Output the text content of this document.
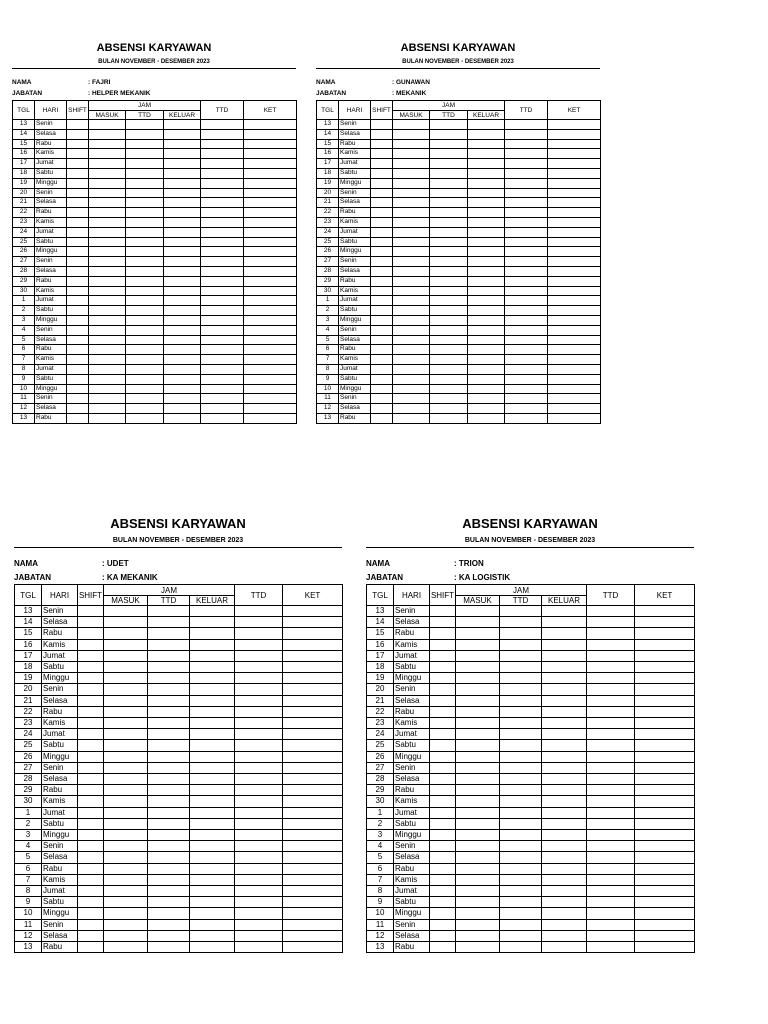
ABSENSI KARYAWAN
BULAN NOVEMBER - DESEMBER 2023
NAMA	: FAJRI
JABATAN	: HELPER MEKANIK
TGL	HARI	SHIFT	JAM			TTD	KET
			MASUK	TTD	KELUAR		
13	Senin						
14	Selasa						
15	Rabu						
16	Kamis						
17	Jumat						
18	Sabtu						
19	Minggu						
20	Senin						
21	Selasa						
22	Rabu						
23	Kamis						
24	Jumat						
25	Sabtu						
26	Minggu						
27	Senin						
28	Selasa						
29	Rabu						
30	Kamis						
1	Jumat						
2	Sabtu						
3	Minggu						
4	Senin						
5	Selasa						
6	Rabu						
7	Kamis						
8	Jumat						
9	Sabtu						
10	Minggu						
11	Senin						
12	Selasa						
13	Rabu						
ABSENSI KARYAWAN
BULAN NOVEMBER - DESEMBER 2023
NAMA	: GUNAWAN
JABATAN	: MEKANIK
TGL	HARI	SHIFT	JAM			TTD	KET
			MASUK	TTD	KELUAR		
13	Senin						
14	Selasa						
15	Rabu						
16	Kamis						
17	Jumat						
18	Sabtu						
19	Minggu						
20	Senin						
21	Selasa						
22	Rabu						
23	Kamis						
24	Jumat						
25	Sabtu						
26	Minggu						
27	Senin						
28	Selasa						
29	Rabu						
30	Kamis						
1	Jumat						
2	Sabtu						
3	Minggu						
4	Senin						
5	Selasa						
6	Rabu						
7	Kamis						
8	Jumat						
9	Sabtu						
10	Minggu						
11	Senin						
12	Selasa						
13	Rabu						
ABSENSI KARYAWAN
BULAN NOVEMBER - DESEMBER 2023
NAMA	: UDET
JABATAN	: KA MEKANIK
TGL	HARI	SHIFT	JAM			TTD	KET
			MASUK	TTD	KELUAR		
13	Senin						
14	Selasa						
15	Rabu						
16	Kamis						
17	Jumat						
18	Sabtu						
19	Minggu						
20	Senin						
21	Selasa						
22	Rabu						
23	Kamis						
24	Jumat						
25	Sabtu						
26	Minggu						
27	Senin						
28	Selasa						
29	Rabu						
30	Kamis						
1	Jumat						
2	Sabtu						
3	Minggu						
4	Senin						
5	Selasa						
6	Rabu						
7	Kamis						
8	Jumat						
9	Sabtu						
10	Minggu						
11	Senin						
12	Selasa						
13	Rabu						
ABSENSI KARYAWAN
BULAN NOVEMBER - DESEMBER 2023
NAMA	: TRION
JABATAN	: KA LOGISTIK
TGL	HARI	SHIFT	JAM			TTD	KET
			MASUK	TTD	KELUAR		
13	Senin						
14	Selasa						
15	Rabu						
16	Kamis						
17	Jumat						
18	Sabtu						
19	Minggu						
20	Senin						
21	Selasa						
22	Rabu						
23	Kamis						
24	Jumat						
25	Sabtu						
26	Minggu						
27	Senin						
28	Selasa						
29	Rabu						
30	Kamis						
1	Jumat						
2	Sabtu						
3	Minggu						
4	Senin						
5	Selasa						
6	Rabu						
7	Kamis						
8	Jumat						
9	Sabtu						
10	Minggu						
11	Senin						
12	Selasa						
13	Rabu						
